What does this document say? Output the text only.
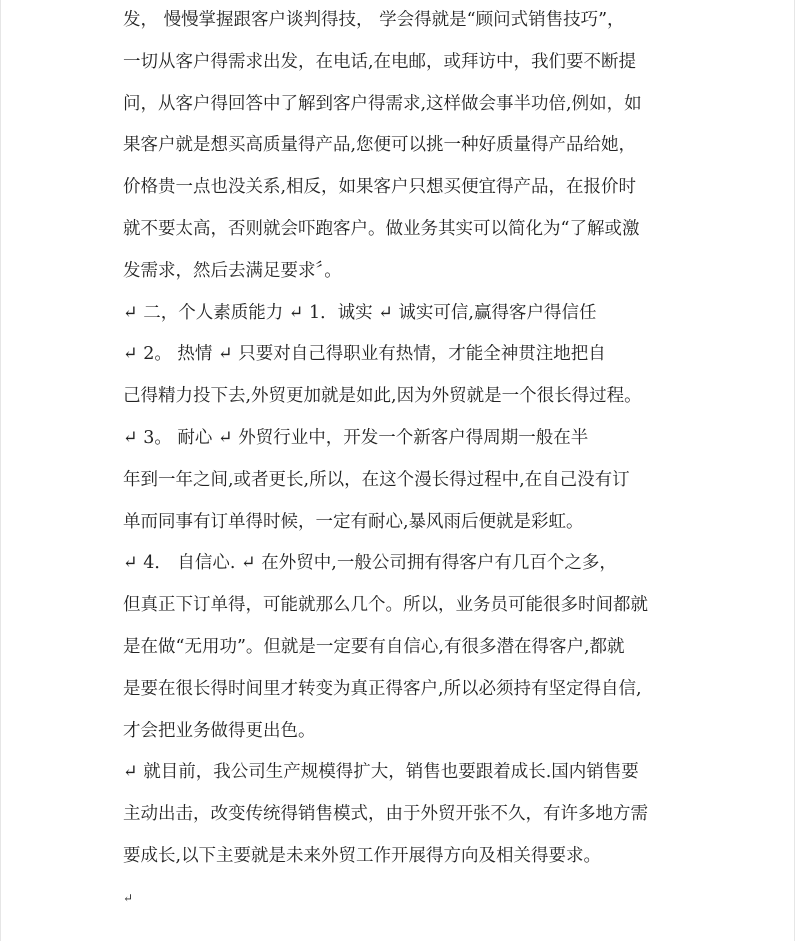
发， 慢慢掌握跟客户谈判得技， 学会得就是“顾问式销售技巧”，
一切从客户得需求出发，在电话,在电邮，或拜访中，我们要不断提
问，从客户得回答中了解到客户得需求,这样做会事半功倍,例如，如
果客户就是想买高质量得产品,您便可以挑一种好质量得产品给她，
价格贵一点也没关系,相反，如果客户只想买便宜得产品，在报价时
就不要太高，否则就会吓跑客户。做业务其实可以简化为“了解或激
发需求，然后去满足要求〞。
↵ 二，个人素质能力 ↵ 1．诚实 ↵ 诚实可信,赢得客户得信任
↵ 2。 热情 ↵ 只要对自己得职业有热情，才能全神贯注地把自
己得精力投下去,外贸更加就是如此,因为外贸就是一个很长得过程。
↵ 3。 耐心 ↵ 外贸行业中，开发一个新客户得周期一般在半
年到一年之间,或者更长,所以，在这个漫长得过程中,在自己没有订
单而同事有订单得时候，一定有耐心,暴风雨后便就是彩虹。
↵ 4． 自信心. ↵ 在外贸中,一般公司拥有得客户有几百个之多，
但真正下订单得，可能就那么几个。所以，业务员可能很多时间都就
是在做“无用功”。但就是一定要有自信心,有很多潜在得客户,都就
是要在很长得时间里才转变为真正得客户,所以必须持有坚定得自信,
才会把业务做得更出色。
↵ 就目前，我公司生产规模得扩大，销售也要跟着成长.国内销售要
主动出击，改变传统得销售模式，由于外贸开张不久，有许多地方需
要成长,以下主要就是未来外贸工作开展得方向及相关得要求。
↵
